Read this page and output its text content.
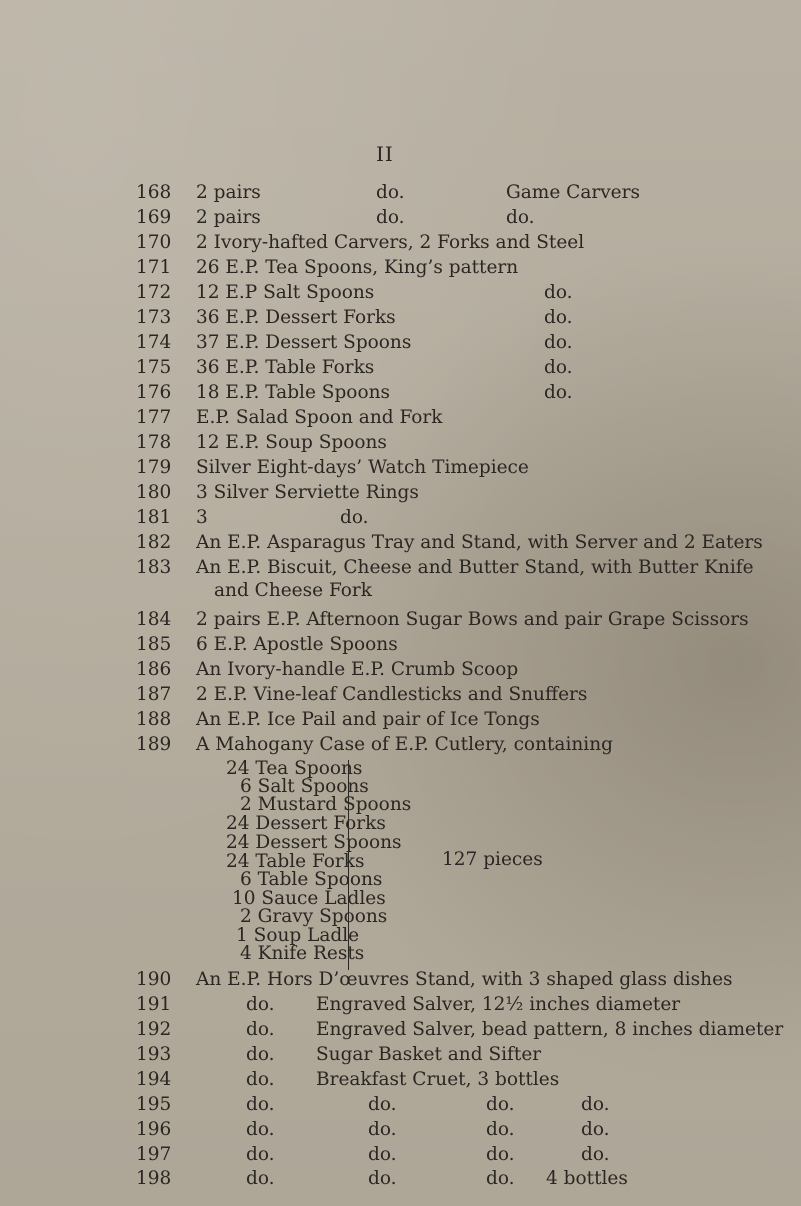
II
168 2 pairs	do.	Game Carvers
169 2 pairs	do.	do.
170 2 Ivory-hafted Carvers, 2 Forks and Steel
171 26 E.P. Tea Spoons, King’s pattern
172 12 E.P Salt Spoons	do.
173 36 E.P. Dessert Forks	do.
174 37 E.P. Dessert Spoons	do.
175 36 E.P. Table Forks	do.
176 18 E.P. Table Spoons	do.
177 E.P. Salad Spoon and Fork
178 12 E.P. Soup Spoons
179 Silver Eight-days’ Watch Timepiece
180 3 Silver Serviette Rings
181 3	do.
182 An E.P. Asparagus Tray and Stand, with Server and 2 Eaters
183 An E.P. Biscuit, Cheese and Butter Stand, with Butter Knife
and Cheese Fork
184 2 pairs E.P. Afternoon Sugar Bows and pair Grape Scissors
185 6 E.P. Apostle Spoons
186 An Ivory-handle E.P. Crumb Scoop
187 2 E.P. Vine-leaf Candlesticks and Snuffers
188 An E.P. Ice Pail and pair of Ice Tongs
189 A Mahogany Case of E.P. Cutlery, containing
24 Tea Spoons
6 Salt Spoons
2 Mustard Spoons
24 Dessert Forks
24 Dessert Spoons
24 Table Forks
6 Table Spoons
10 Sauce Ladles
2 Gravy Spoons
1 Soup Ladle
4 Knife Rests
127 pieces
190 An E.P. Hors D’œuvres Stand, with 3 shaped glass dishes
191	do. Engraved Salver, 12½ inches diameter
192	do. Engraved Salver, bead pattern, 8 inches diameter
193	do. Sugar Basket and Sifter
194	do. Breakfast Cruet, 3 bottles
195	do.	do.	do.	do.
196	do.	do.	do.	do.
197	do.	do.	do.	do.
198	do.	do.	do. 4 bottles
